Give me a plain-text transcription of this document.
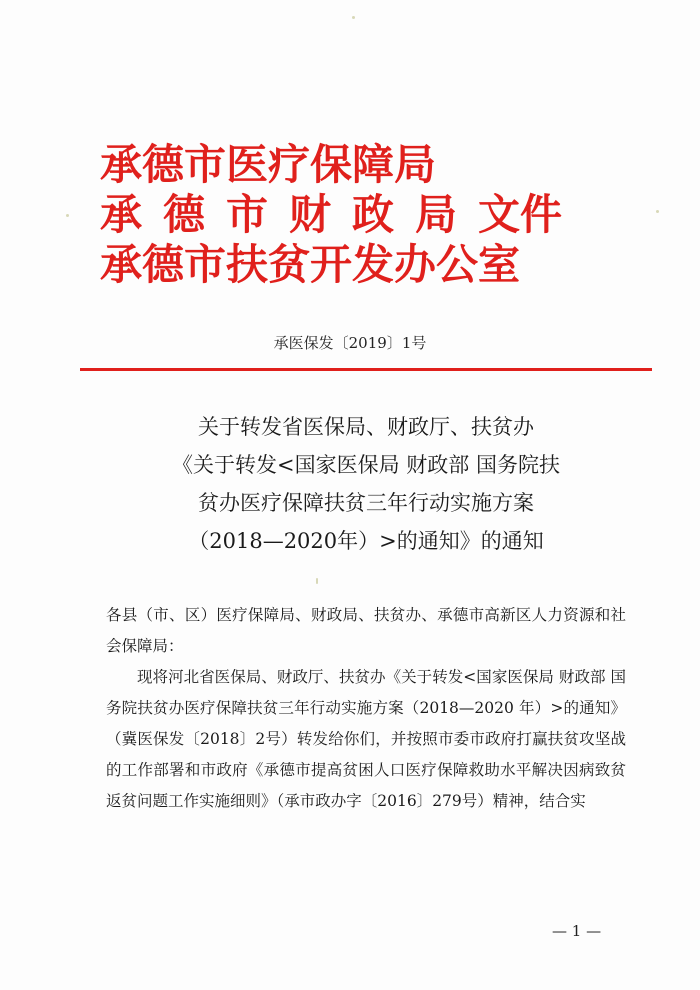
承德市医疗保障局
承德市财政局 文件
承德市扶贫开发办公室
承医保发〔2019〕1号
关于转发省医保局、财政厅、扶贫办
《关于转发<国家医保局 财政部 国务院扶
贫办医疗保障扶贫三年行动实施方案
（2018—2020年）>的通知》的通知

各县（市、区）医疗保障局、财政局、扶贫办、承德市高新区人力资源和社会保障局：

现将河北省医保局、财政厅、扶贫办《关于转发<国家医保局 财政部 国务院扶贫办医疗保障扶贫三年行动实施方案（2018—2020 年）>的通知》（冀医保发〔2018〕2号）转发给你们，并按照市委市政府打赢扶贫攻坚战的工作部署和市政府《承德市提高贫困人口医疗保障救助水平解决因病致贫返贫问题工作实施细则》（承市政办字〔2016〕279号）精神，结合实

— 1 —
